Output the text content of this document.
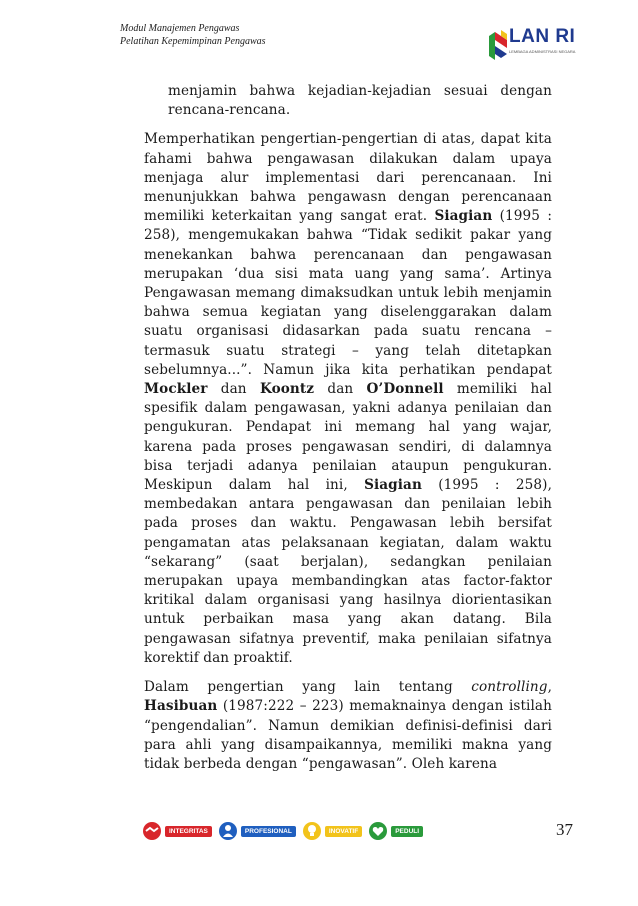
Modul Manajemen Pengawas
Pelatihan Kepemimpinan Pengawas	LAN RI
LEMBAGA ADMINISTRASI NEGARA

menjamin bahwa kejadian-kejadian sesuai dengan rencana-rencana.

Memperhatikan pengertian-pengertian di atas, dapat kita fahami bahwa pengawasan dilakukan dalam upaya menjaga alur implementasi dari perencanaan. Ini menunjukkan bahwa pengawasn dengan perencanaan memiliki keterkaitan yang sangat erat. Siagian (1995 : 258), mengemukakan bahwa “Tidak sedikit pakar yang menekankan bahwa perencanaan dan pengawasan merupakan ‘dua sisi mata uang yang sama’. Artinya Pengawasan memang dimaksudkan untuk lebih menjamin bahwa semua kegiatan yang diselenggarakan dalam suatu organisasi didasarkan pada suatu rencana – termasuk suatu strategi – yang telah ditetapkan sebelumnya...”. Namun jika kita perhatikan pendapat Mockler dan Koontz dan O’Donnell memiliki hal spesifik dalam pengawasan, yakni adanya penilaian dan pengukuran. Pendapat ini memang hal yang wajar, karena pada proses pengawasan sendiri, di dalamnya bisa terjadi adanya penilaian ataupun pengukuran. Meskipun dalam hal ini, Siagian (1995 : 258), membedakan antara pengawasan dan penilaian lebih pada proses dan waktu. Pengawasan lebih bersifat pengamatan atas pelaksanaan kegiatan, dalam waktu “sekarang” (saat berjalan), sedangkan penilaian merupakan upaya membandingkan atas factor-faktor kritikal dalam organisasi yang hasilnya diorientasikan untuk perbaikan masa yang akan datang. Bila pengawasan sifatnya preventif, maka penilaian sifatnya korektif dan proaktif.

Dalam pengertian yang lain tentang controlling, Hasibuan (1987:222 – 223) memaknainya dengan istilah “pengendalian”. Namun demikian definisi-definisi dari para ahli yang disampaikannya, memiliki makna yang tidak berbeda dengan “pengawasan”. Oleh karena

INTEGRITAS	PROFESIONAL	INOVATIF	PEDULI	37
